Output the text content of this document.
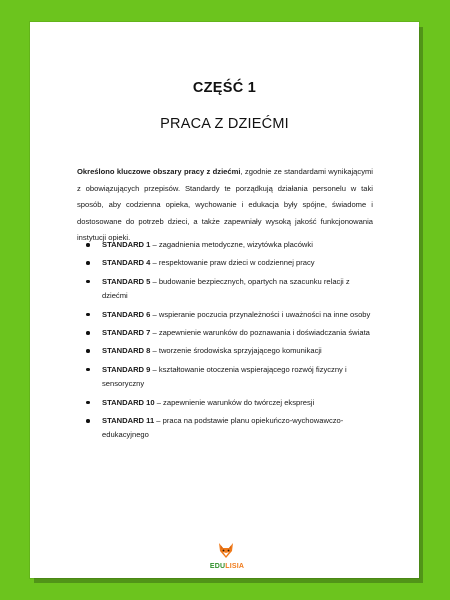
CZĘŚĆ 1
PRACA Z DZIEĆMI

Określono kluczowe obszary pracy z dziećmi, zgodnie ze standardami wynikającymi z obowiązujących przepisów. Standardy te porządkują działania personelu w taki sposób, aby codzienna opieka, wychowanie i edukacja były spójne, świadome i dostosowane do potrzeb dzieci, a także zapewniały wysoką jakość funkcjonowania instytucji opieki.

STANDARD 1 – zagadnienia metodyczne, wizytówka placówki
STANDARD 4 – respektowanie praw dzieci w codziennej pracy
STANDARD 5 – budowanie bezpiecznych, opartych na szacunku relacji z dziećmi
STANDARD 6 – wspieranie poczucia przynależności i uważności na inne osoby
STANDARD 7 – zapewnienie warunków do poznawania i doświadczania świata
STANDARD 8 – tworzenie środowiska sprzyjającego komunikacji
STANDARD 9 – kształtowanie otoczenia wspierającego rozwój fizyczny i sensoryczny
STANDARD 10 – zapewnienie warunków do twórczej ekspresji
STANDARD 11 – praca na podstawie planu opiekuńczo-wychowawczo-edukacyjnego
EDULISIA
